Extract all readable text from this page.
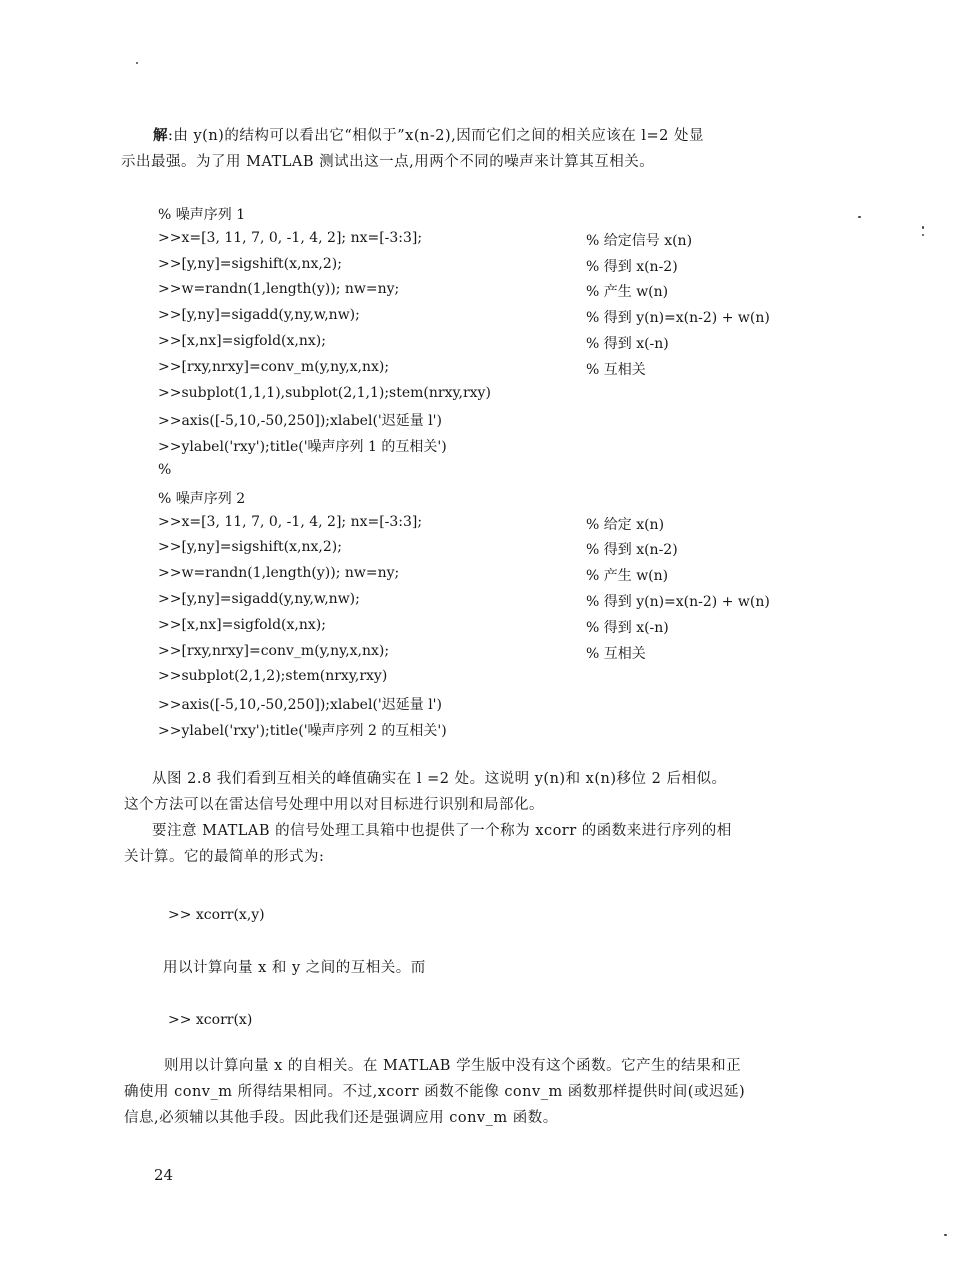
解:由 y(n)的结构可以看出它“相似于”x(n-2),因而它们之间的相关应该在 l=2 处显
示出最强。为了用 MATLAB 测试出这一点,用两个不同的噪声来计算其互相关。
% 噪声序列 1
>>x=[3, 11, 7, 0, -1, 4, 2]; nx=[-3:3];	% 给定信号 x(n)
>>[y,ny]=sigshift(x,nx,2);	% 得到 x(n-2)
>>w=randn(1,length(y)); nw=ny;	% 产生 w(n)
>>[y,ny]=sigadd(y,ny,w,nw);	% 得到 y(n)=x(n-2) + w(n)
>>[x,nx]=sigfold(x,nx);	% 得到 x(-n)
>>[rxy,nrxy]=conv_m(y,ny,x,nx);	% 互相关
>>subplot(1,1,1),subplot(2,1,1);stem(nrxy,rxy)
>>axis([-5,10,-50,250]);xlabel('迟延量 l')
>>ylabel('rxy');title('噪声序列 1 的互相关')
%
% 噪声序列 2
>>x=[3, 11, 7, 0, -1, 4, 2]; nx=[-3:3];	% 给定 x(n)
>>[y,ny]=sigshift(x,nx,2);	% 得到 x(n-2)
>>w=randn(1,length(y)); nw=ny;	% 产生 w(n)
>>[y,ny]=sigadd(y,ny,w,nw);	% 得到 y(n)=x(n-2) + w(n)
>>[x,nx]=sigfold(x,nx);	% 得到 x(-n)
>>[rxy,nrxy]=conv_m(y,ny,x,nx);	% 互相关
>>subplot(2,1,2);stem(nrxy,rxy)
>>axis([-5,10,-50,250]);xlabel('迟延量 l')
>>ylabel('rxy');title('噪声序列 2 的互相关')
从图 2.8 我们看到互相关的峰值确实在 l =2 处。这说明 y(n)和 x(n)移位 2 后相似。
这个方法可以在雷达信号处理中用以对目标进行识别和局部化。
要注意 MATLAB 的信号处理工具箱中也提供了一个称为 xcorr 的函数来进行序列的相
关计算。它的最简单的形式为:
>> xcorr(x,y)
用以计算向量 x 和 y 之间的互相关。而
>> xcorr(x)
则用以计算向量 x 的自相关。在 MATLAB 学生版中没有这个函数。它产生的结果和正
确使用 conv_m 所得结果相同。不过,xcorr 函数不能像 conv_m 函数那样提供时间(或迟延)
信息,必须辅以其他手段。因此我们还是强调应用 conv_m 函数。
24
